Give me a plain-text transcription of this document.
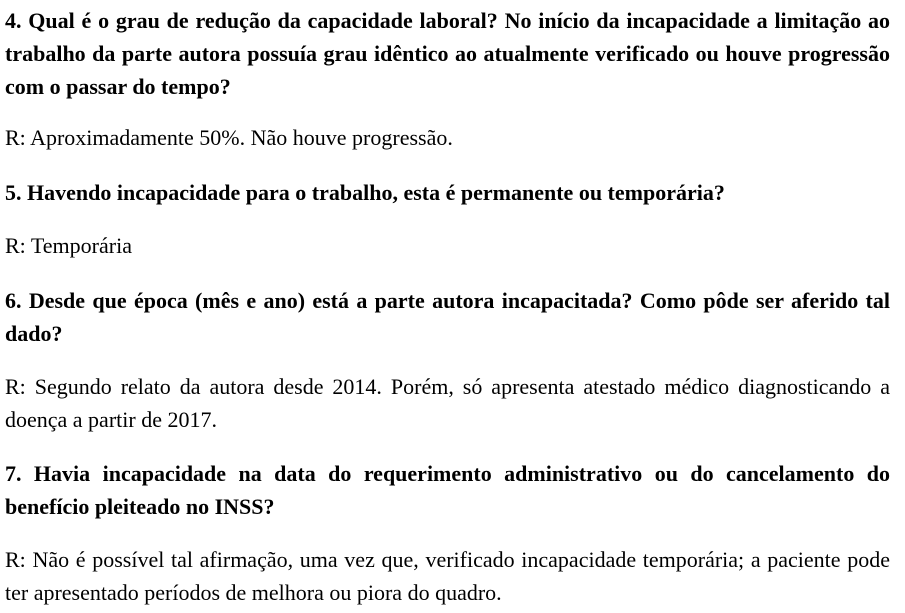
4. Qual é o grau de redução da capacidade laboral? No início da incapacidade a limitação ao trabalho da parte autora possuía grau idêntico ao atualmente verificado ou houve progressão com o passar do tempo?

R: Aproximadamente 50%. Não houve progressão.

5. Havendo incapacidade para o trabalho, esta é permanente ou temporária?

R: Temporária

6. Desde que época (mês e ano) está a parte autora incapacitada? Como pôde ser aferido tal dado?

R: Segundo relato da autora desde 2014. Porém, só apresenta atestado médico diagnosticando a doença a partir de 2017.

7. Havia incapacidade na data do requerimento administrativo ou do cancelamento do benefício pleiteado no INSS?

R: Não é possível tal afirmação, uma vez que, verificado incapacidade temporária; a paciente pode ter apresentado períodos de melhora ou piora do quadro.
